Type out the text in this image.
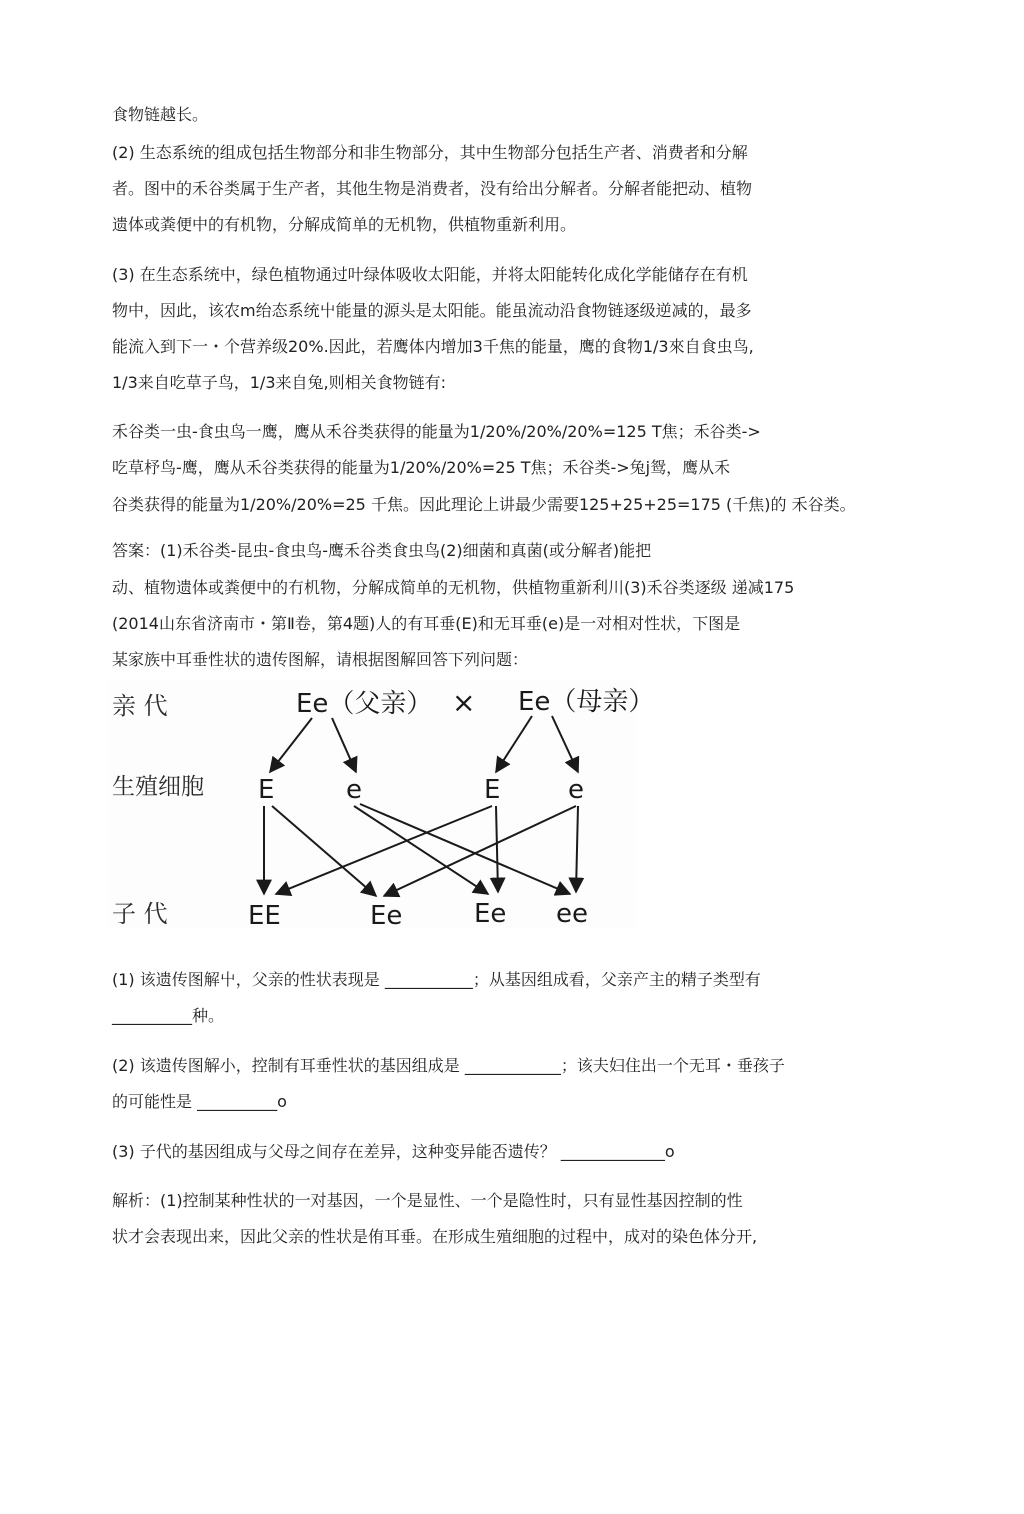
食物链越长。
(2) 生态系统的组成包括生物部分和非生物部分，其中生物部分包括生产者、消费者和分解
者。图中的禾谷类属于生产者，其他生物是消费者，没有给出分解者。分解者能把动、植物
遗体或粪便中的有机物，分解成简单的无机物，供植物重新利用。
(3) 在生态系统中，绿色植物通过叶绿体吸收太阳能，并将太阳能转化成化学能储存在有机
物中，因此，该农m绐态系统屮能量的源头是太阳能。能虽流动沿食物链逐级逆减的，最多
能流入到下一・个营养级20%.因此，若鹰体内增加3千焦的能量，鹰的食物1/3來自食虫鸟,
1/3来自吃草子鸟，1/3来自兔,则相关食物链有:
禾谷类一虫-食虫鸟一鹰，鹰从禾谷类获得的能量为1/20%/20%/20%=125 T焦；禾谷类->
吃草杼鸟-鹰，鹰从禾谷类获得的能量为1/20%/20%=25 T焦；禾谷类->兔j鸳，鹰从禾
谷类获得的能量为1/20%/20%=25 千焦。因此理论上讲最少需要125+25+25=175 (千焦)的 禾谷类。
答案：(1)禾谷类-昆虫-食虫鸟-鹰禾谷类食虫鸟(2)细菌和真菌(或分解者)能把
动、植物遗体或粪便中的冇机物，分解成简单的无机物，供植物重新利川(3)禾谷类逐级 递减175
(2014山东省济南市・第Ⅱ卷，第4题)人的有耳垂(E)和无耳垂(e)是一对相对性状，下图是
某家族中耳垂性状的遗传图解，请根据图解回答下列问题：
亲 代
生殖细胞
子 代
Ee（父亲） × Ee（母亲）
E	e	E	e
EE	Ee	Ee ee
(1) 该遗传图解屮，父亲的性状表现是 ___________；从基因组成看，父亲产主的精子类型有
__________种。
(2) 该遗传图解小，控制有耳垂性状的基因组成是 ____________；该夫妇住出一个无耳・垂孩子
的可能性是 __________o
(3) 子代的基因组成与父母之间存在差异，这种变异能否遗传？ _____________o
解析：(1)控制某种性状的一对基因，一个是显性、一个是隐性时，只有显性基因控制的性
状才会表现出来，因此父亲的性状是侑耳垂。在形成生殖细胞的过程中，成对的染色体分开,
